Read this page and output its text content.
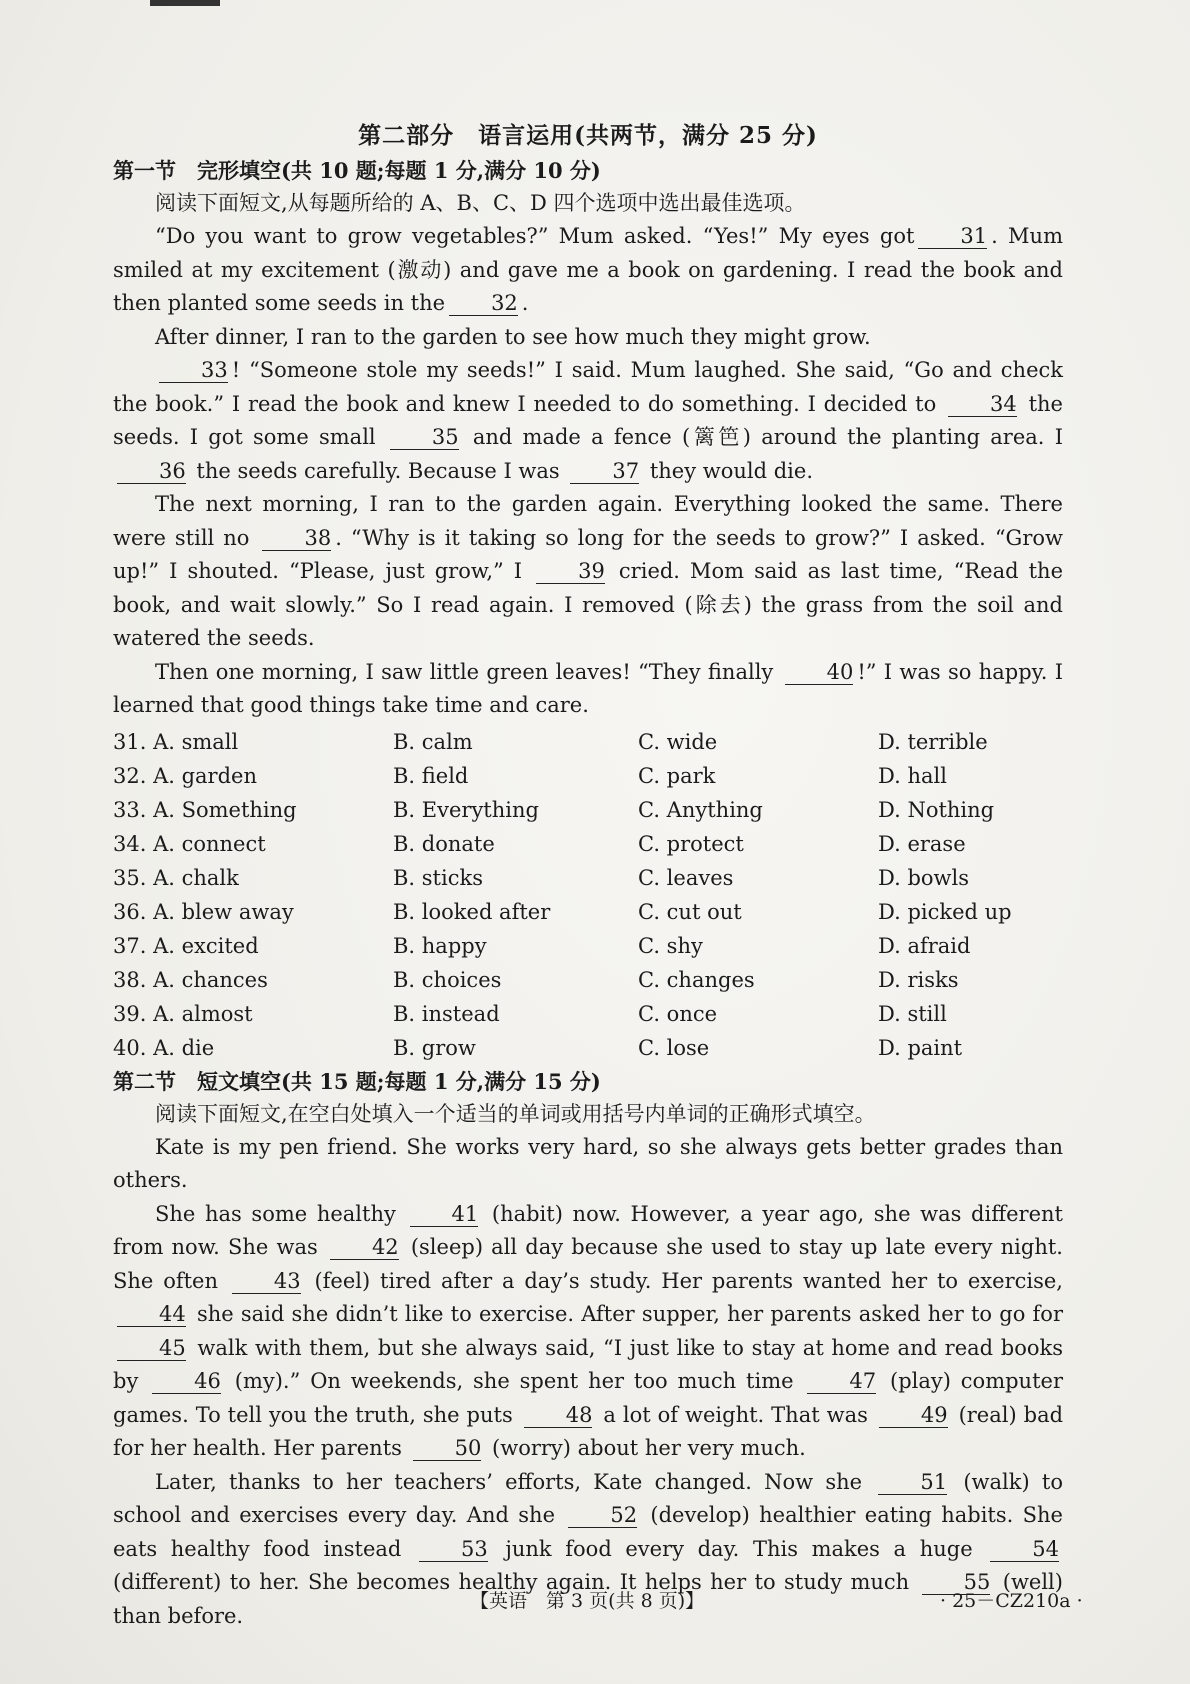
第二部分　语言运用(共两节，满分 25 分)
第一节　完形填空(共 10 题;每题 1 分,满分 10 分)
阅读下面短文,从每题所给的 A、B、C、D 四个选项中选出最佳选项。

“Do you want to grow vegetables?” Mum asked. “Yes!” My eyes got 31 . Mum smiled at my excitement (激动) and gave me a book on gardening. I read the book and then planted some seeds in the 32 .

After dinner, I ran to the garden to see how much they might grow.

33 ! “Someone stole my seeds!” I said. Mum laughed. She said, “Go and check the book.” I read the book and knew I needed to do something. I decided to	34 the seeds. I got some small	35 and made a fence (篱笆) around the planting area. I 36 the seeds carefully. Because I was	37 they would die.

The next morning, I ran to the garden again. Everything looked the same. There were still no	38 . “Why is it taking so long for the seeds to grow?” I asked. “Grow up!” I shouted. “Please, just grow,” I	39 cried. Mom said as last time, “Read the book, and wait slowly.” So I read again. I removed (除去) the grass from the soil and watered the seeds.

Then one morning, I saw little green leaves! “They finally	40 !” I was so happy. I learned that good things take time and care.

31. A. small	B. calm	C. wide	D. terrible
32. A. garden	B. field	C. park	D. hall
33. A. Something	B. Everything	C. Anything	D. Nothing
34. A. connect	B. donate	C. protect	D. erase
35. A. chalk	B. sticks	C. leaves	D. bowls
36. A. blew away	B. looked after	C. cut out	D. picked up
37. A. excited	B. happy	C. shy	D. afraid
38. A. chances	B. choices	C. changes	D. risks
39. A. almost	B. instead	C. once	D. still
40. A. die	B. grow	C. lose	D. paint
第二节　短文填空(共 15 题;每题 1 分,满分 15 分)
阅读下面短文,在空白处填入一个适当的单词或用括号内单词的正确形式填空。

Kate is my pen friend. She works very hard, so she always gets better grades than others.

She has some healthy	41 (habit) now. However, a year ago, she was different from now. She was	42 (sleep) all day because she used to stay up late every night. She often	43 (feel) tired after a day’s study. Her parents wanted her to exercise, 44 she said she didn’t like to exercise. After supper, her parents asked her to go for 45 walk with them, but she always said, “I just like to stay at home and read books by	46 (my).” On weekends, she spent her too much time	47 (play) computer games. To tell you the truth, she puts	48 a lot of weight. That was	49 (real) bad for her health. Her parents	50 (worry) about her very much.

Later, thanks to her teachers’ efforts, Kate changed. Now she	51 (walk) to school and exercises every day. And she	52 (develop) healthier eating habits. She eats healthy food instead	53 junk food every day. This makes a huge	54 (different) to her. She becomes healthy again. It helps her to study much	55 (well) than before.

【英语　第 3 页(共 8 页)】	· 25－CZ210a ·
